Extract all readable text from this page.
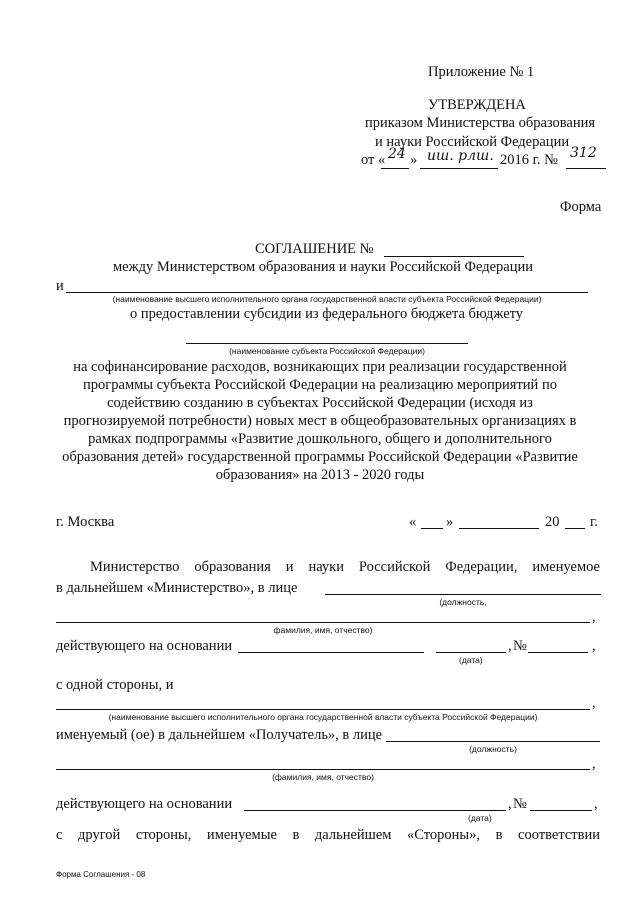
Приложение № 1
УТВЕРЖДЕНА
приказом Министерства образования
и науки Российской Федерации
от « 24 » иш. рлш. 2016 г. № 312
Форма
СОГЛАШЕНИЕ №
между Министерством образования и науки Российской Федерации
и
(наименование высшего исполнительного органа государственной власти субъекта Российской Федерации)
о предоставлении субсидии из федерального бюджета бюджету
(наименование субъекта Российской Федерации)
на софинансирование расходов, возникающих при реализации государственной
программы субъекта Российской Федерации на реализацию мероприятий по
содействию созданию в субъектах Российской Федерации (исходя из
прогнозируемой потребности) новых мест в общеобразовательных организациях в
рамках подпрограммы «Развитие дошкольного, общего и дополнительного
образования детей» государственной программы Российской Федерации «Развитие
образования» на 2013 - 2020 годы
г. Москва	« »	20 г.
Министерство образования и науки Российской Федерации, именуемое
в дальнейшем «Министерство», в лице
(должность,
,
фамилия, имя, отчество)
действующего на основании
(дата)
, №	,
с одной стороны, и
,
(наименование высшего исполнительного органа государственной власти субъекта Российской Федерации)
именуемый (ое) в дальнейшем «Получатель», в лице
(должность)
,
(фамилия, имя, отчество)
действующего на основании
(дата)
, №	,
с другой стороны, именуемые в дальнейшем «Стороны», в соответствии
Форма Соглашения - 08
